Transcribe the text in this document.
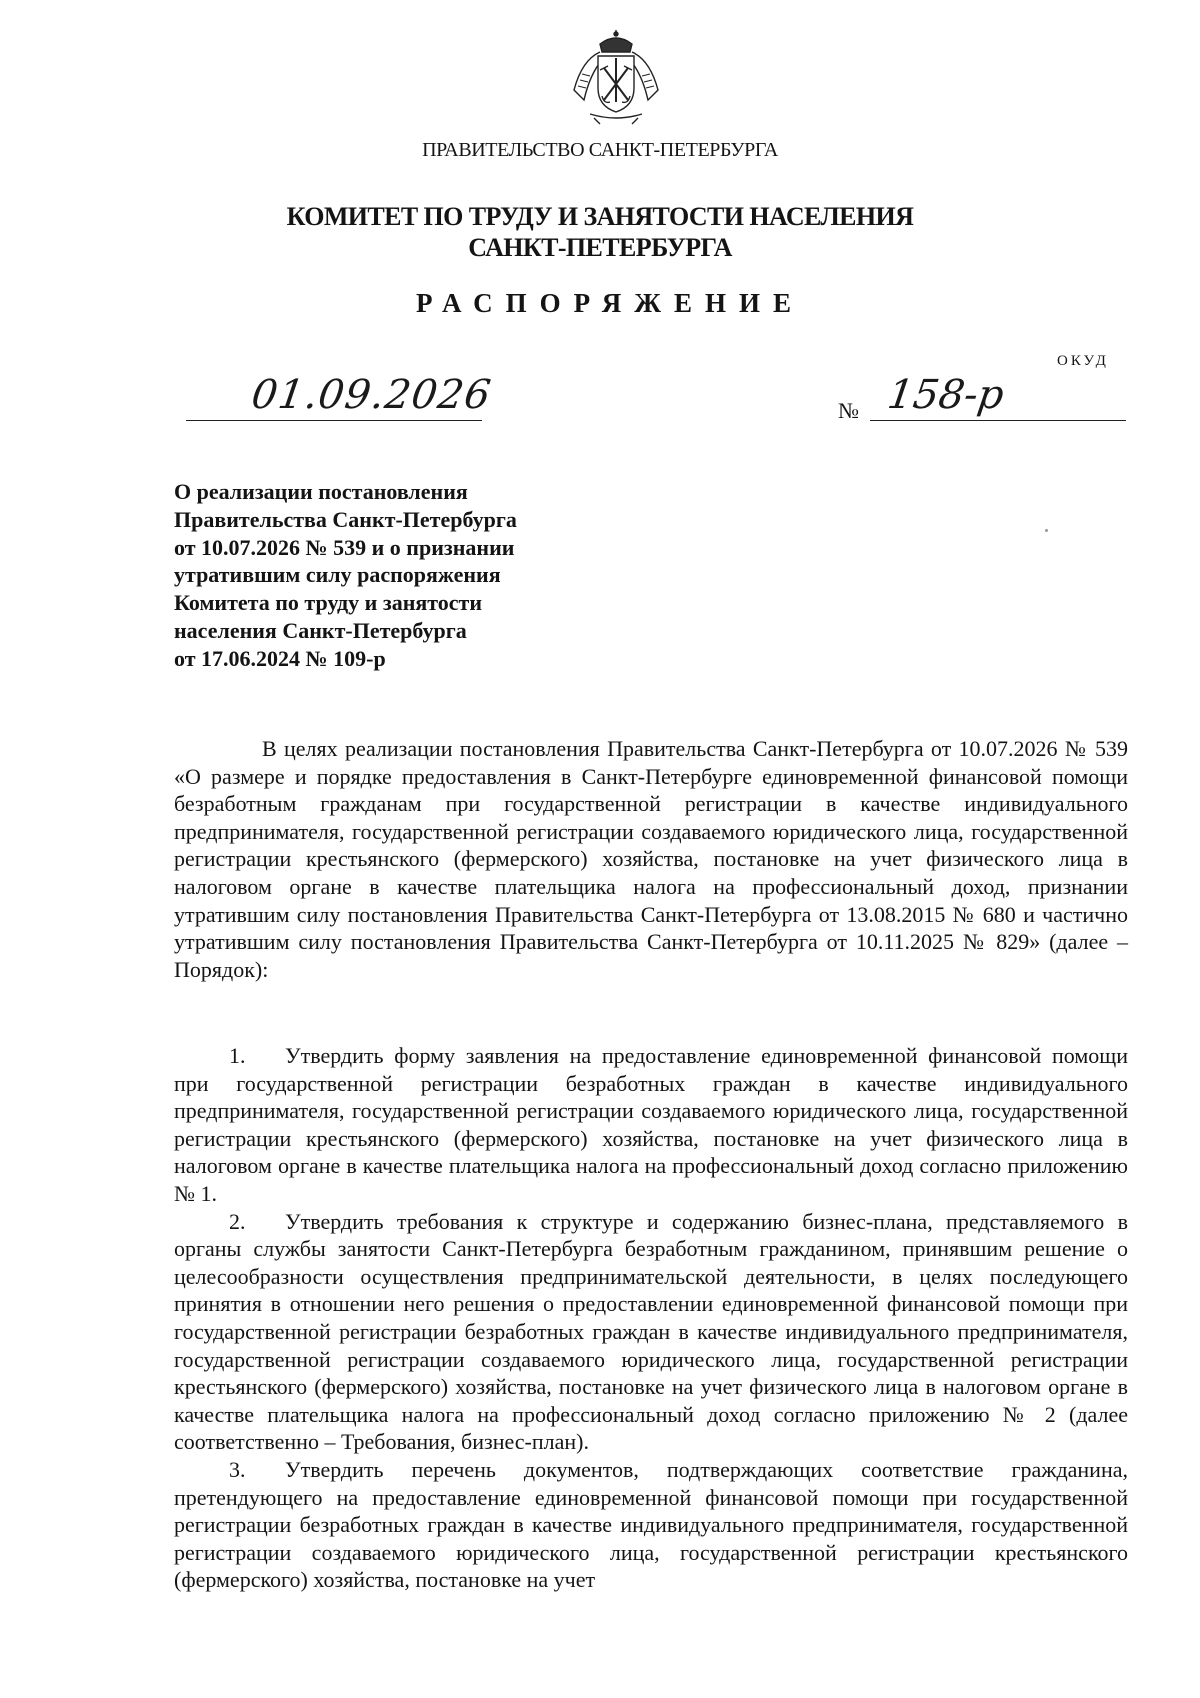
ПРАВИТЕЛЬСТВО САНКТ-ПЕТЕРБУРГА
КОМИТЕТ ПО ТРУДУ И ЗАНЯТОСТИ НАСЕЛЕНИЯ
САНКТ-ПЕТЕРБУРГА
РАСПОРЯЖЕНИЕ
ОКУД
01.09.2026	№ 158-р
О реализации постановления
Правительства Санкт-Петербурга
от 10.07.2026 № 539 и о признании
утратившим силу распоряжения
Комитета по труду и занятости
населения Санкт-Петербурга
от 17.06.2024 № 109-р
В целях реализации постановления Правительства Санкт-Петербурга от 10.07.2026 № 539 «О размере и порядке предоставления в Санкт-Петербурге единовременной финансовой помощи безработным гражданам при государственной регистрации в качестве индивидуального предпринимателя, государственной регистрации создаваемого юридического лица, государственной регистрации крестьянского (фермерского) хозяйства, постановке на учет физического лица в налоговом органе в качестве плательщика налога на профессиональный доход, признании утратившим силу постановления Правительства Санкт-Петербурга от 13.08.2015 № 680 и частично утратившим силу постановления Правительства Санкт-Петербурга от 10.11.2025 № 829» (далее – Порядок):
1. Утвердить форму заявления на предоставление единовременной финансовой помощи при государственной регистрации безработных граждан в качестве индивидуального предпринимателя, государственной регистрации создаваемого юридического лица, государственной регистрации крестьянского (фермерского) хозяйства, постановке на учет физического лица в налоговом органе в качестве плательщика налога на профессиональный доход согласно приложению № 1.
2. Утвердить требования к структуре и содержанию бизнес-плана, представляемого в органы службы занятости Санкт-Петербурга безработным гражданином, принявшим решение о целесообразности осуществления предпринимательской деятельности, в целях последующего принятия в отношении него решения о предоставлении единовременной финансовой помощи при государственной регистрации безработных граждан в качестве индивидуального предпринимателя, государственной регистрации создаваемого юридического лица, государственной регистрации крестьянского (фермерского) хозяйства, постановке на учет физического лица в налоговом органе в качестве плательщика налога на профессиональный доход согласно приложению № 2 (далее соответственно – Требования, бизнес-план).
3. Утвердить перечень документов, подтверждающих соответствие гражданина, претендующего на предоставление единовременной финансовой помощи при государственной регистрации безработных граждан в качестве индивидуального предпринимателя, государственной регистрации создаваемого юридического лица, государственной регистрации крестьянского (фермерского) хозяйства, постановке на учет
